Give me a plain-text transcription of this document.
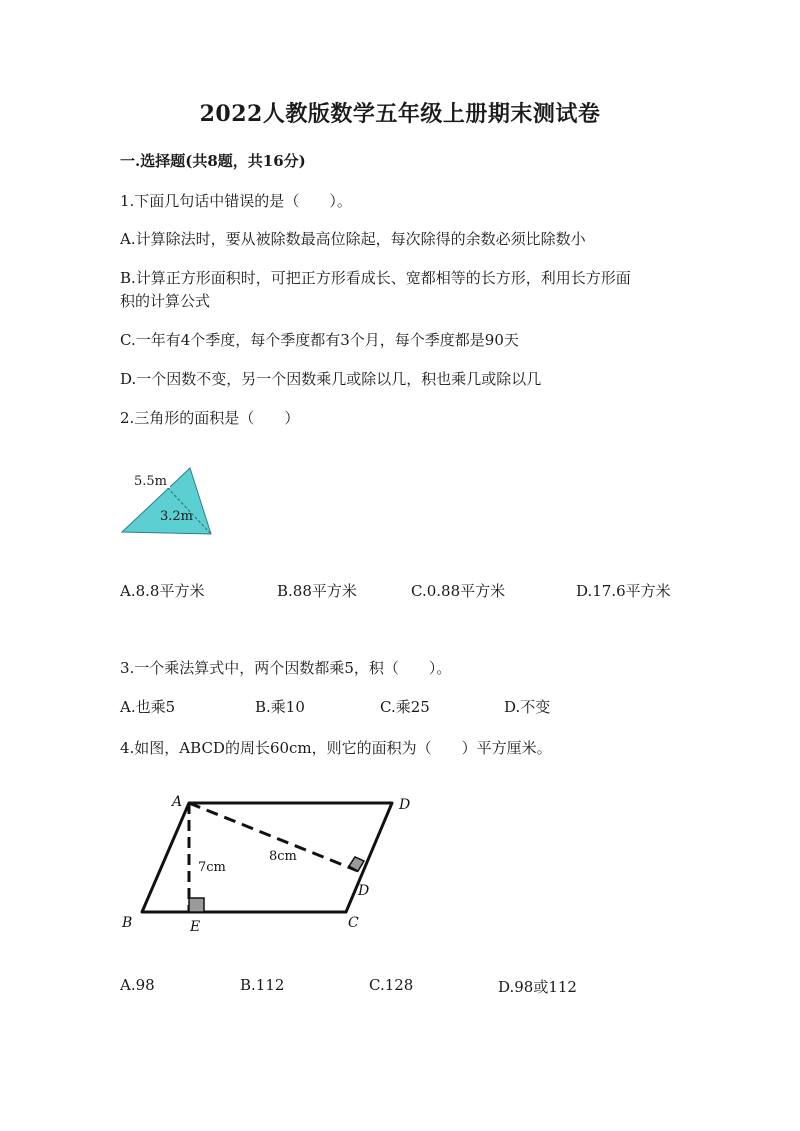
2022人教版数学五年级上册期末测试卷
一.选择题(共8题，共16分)
1.下面几句话中错误的是（　　）。
A.计算除法时，要从被除数最高位除起，每次除得的余数必须比除数小
B.计算正方形面积时，可把正方形看成长、宽都相等的长方形，利用长方形面
积的计算公式
C.一年有4个季度，每个季度都有3个月，每个季度都是90天
D.一个因数不变，另一个因数乘几或除以几，积也乘几或除以几
2.三角形的面积是（　　）
5.5m
3.2m
A.8.8平方米	B.88平方米	C.0.88平方米	D.17.6平方米
3.一个乘法算式中，两个因数都乘5，积（　　）。
A.也乘5	B.乘10	C.乘25	D.不变
4.如图，ABCD的周长60cm，则它的面积为（　　）平方厘米。
A	D
B	C
D
E
7cm
8cm
A.98	B.112	C.128	D.98或112
